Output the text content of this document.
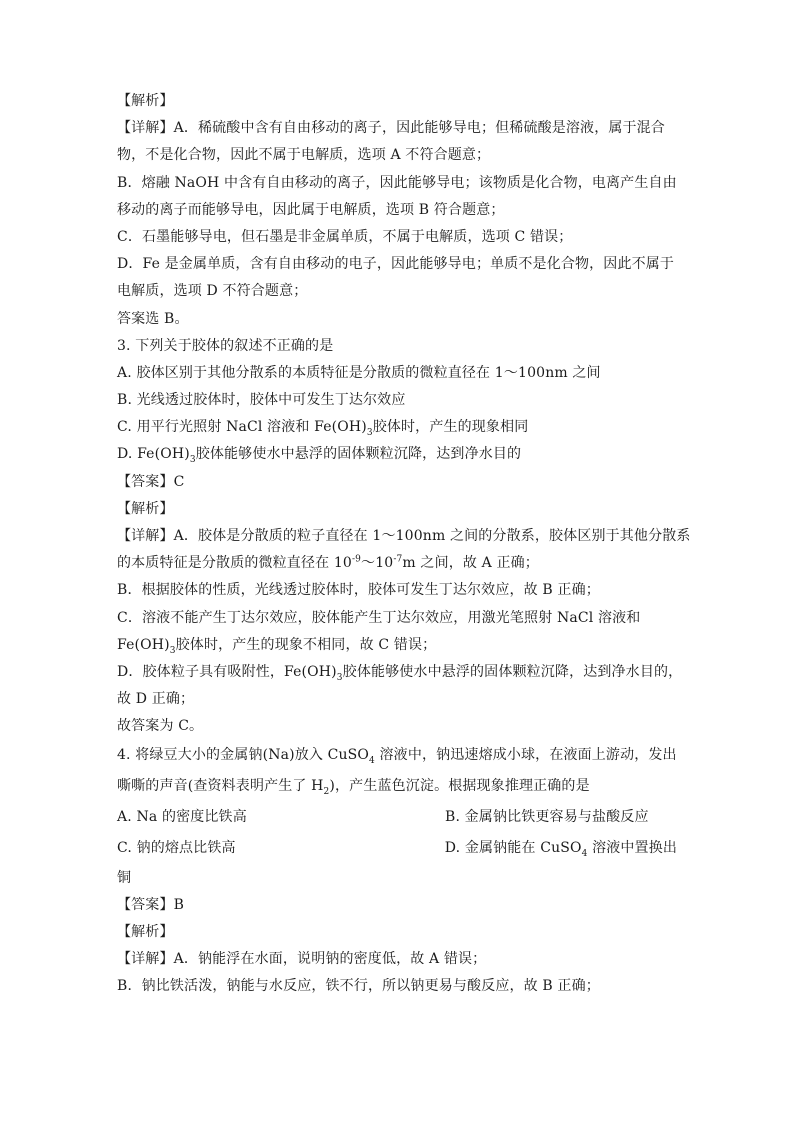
【解析】
【详解】A．稀硫酸中含有自由移动的离子，因此能够导电；但稀硫酸是溶液，属于混合
物，不是化合物，因此不属于电解质，选项 A 不符合题意；
B．熔融 NaOH 中含有自由移动的离子，因此能够导电；该物质是化合物，电离产生自由
移动的离子而能够导电，因此属于电解质，选项 B 符合题意；
C．石墨能够导电，但石墨是非金属单质，不属于电解质，选项 C 错误；
D．Fe 是金属单质，含有自由移动的电子，因此能够导电；单质不是化合物，因此不属于
电解质，选项 D 不符合题意；
答案选 B。
3. 下列关于胶体的叙述不正确的是
A. 胶体区别于其他分散系的本质特征是分散质的微粒直径在 1～100nm 之间
B. 光线透过胶体时，胶体中可发生丁达尔效应
C. 用平行光照射 NaCl 溶液和 $Fe(OH)_3$胶体时，产生的现象相同
D. $Fe(OH)_3$胶体能够使水中悬浮的固体颗粒沉降，达到净水目的
【答案】C
【解析】
【详解】A．胶体是分散质的粒子直径在 1～100nm 之间的分散系，胶体区别于其他分散系
的本质特征是分散质的微粒直径在 $10^{-9}\sim 10^{-7}m$ 之间，故 A 正确；
B．根据胶体的性质，光线透过胶体时，胶体可发生丁达尔效应，故 B 正确；
C．溶液不能产生丁达尔效应，胶体能产生丁达尔效应，用激光笔照射 NaCl 溶液和
$Fe(OH)_3$胶体时，产生的现象不相同，故 C 错误；
D．胶体粒子具有吸附性，$Fe(OH)_3$胶体能够使水中悬浮的固体颗粒沉降，达到净水目的，
故 D 正确；
故答案为 C。
4. 将绿豆大小的金属钠(Na)放入 CuSO$_4$ 溶液中，钠迅速熔成小球，在液面上游动，发出
嘶嘶的声音(查资料表明产生了 $H_2$)，产生蓝色沉淀。根据现象推理正确的是
A. Na 的密度比铁高	B. 金属钠比铁更容易与盐酸反应
C. 钠的熔点比铁高	D. 金属钠能在 CuSO$_4$ 溶液中置换出
铜
【答案】B
【解析】
【详解】A．钠能浮在水面，说明钠的密度低，故 A 错误；
B．钠比铁活泼，钠能与水反应，铁不行，所以钠更易与酸反应，故 B 正确；
